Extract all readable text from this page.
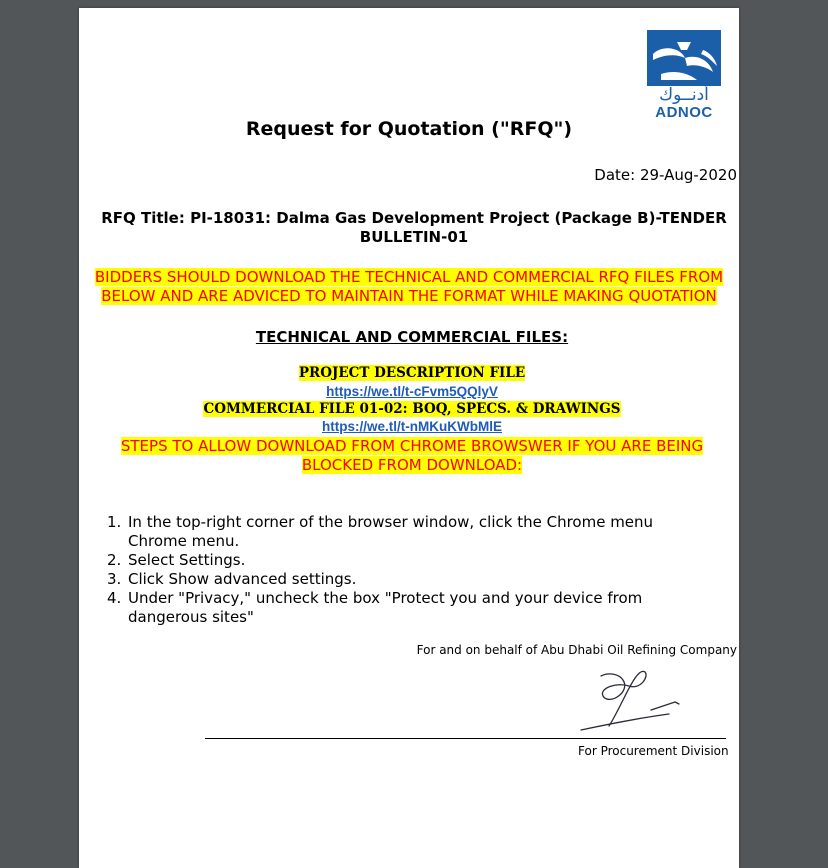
أدنــوك
ADNOC
Request for Quotation ("RFQ")
Date: 29-Aug-2020
RFQ Title: PI-18031: Dalma Gas Development Project (Package B)-TENDER
BULLETIN-01
BIDDERS SHOULD DOWNLOAD THE TECHNICAL AND COMMERCIAL RFQ FILES FROM
BELOW AND ARE ADVICED TO MAINTAIN THE FORMAT WHILE MAKING QUOTATION
TECHNICAL AND COMMERCIAL FILES:
PROJECT DESCRIPTION FILE
https://we.tl/t-cFvm5QQlyV
COMMERCIAL FILE 01-02: BOQ, SPECS. & DRAWINGS
https://we.tl/t-nMKuKWbMlE
STEPS TO ALLOW DOWNLOAD FROM CHROME BROWSWER IF YOU ARE BEING
BLOCKED FROM DOWNLOAD:
1. In the top-right corner of the browser window, click the Chrome menu
Chrome menu.
2. Select Settings.
3. Click Show advanced settings.
4. Under "Privacy," uncheck the box "Protect you and your device from
dangerous sites"
For and on behalf of Abu Dhabi Oil Refining Company
For Procurement Division
